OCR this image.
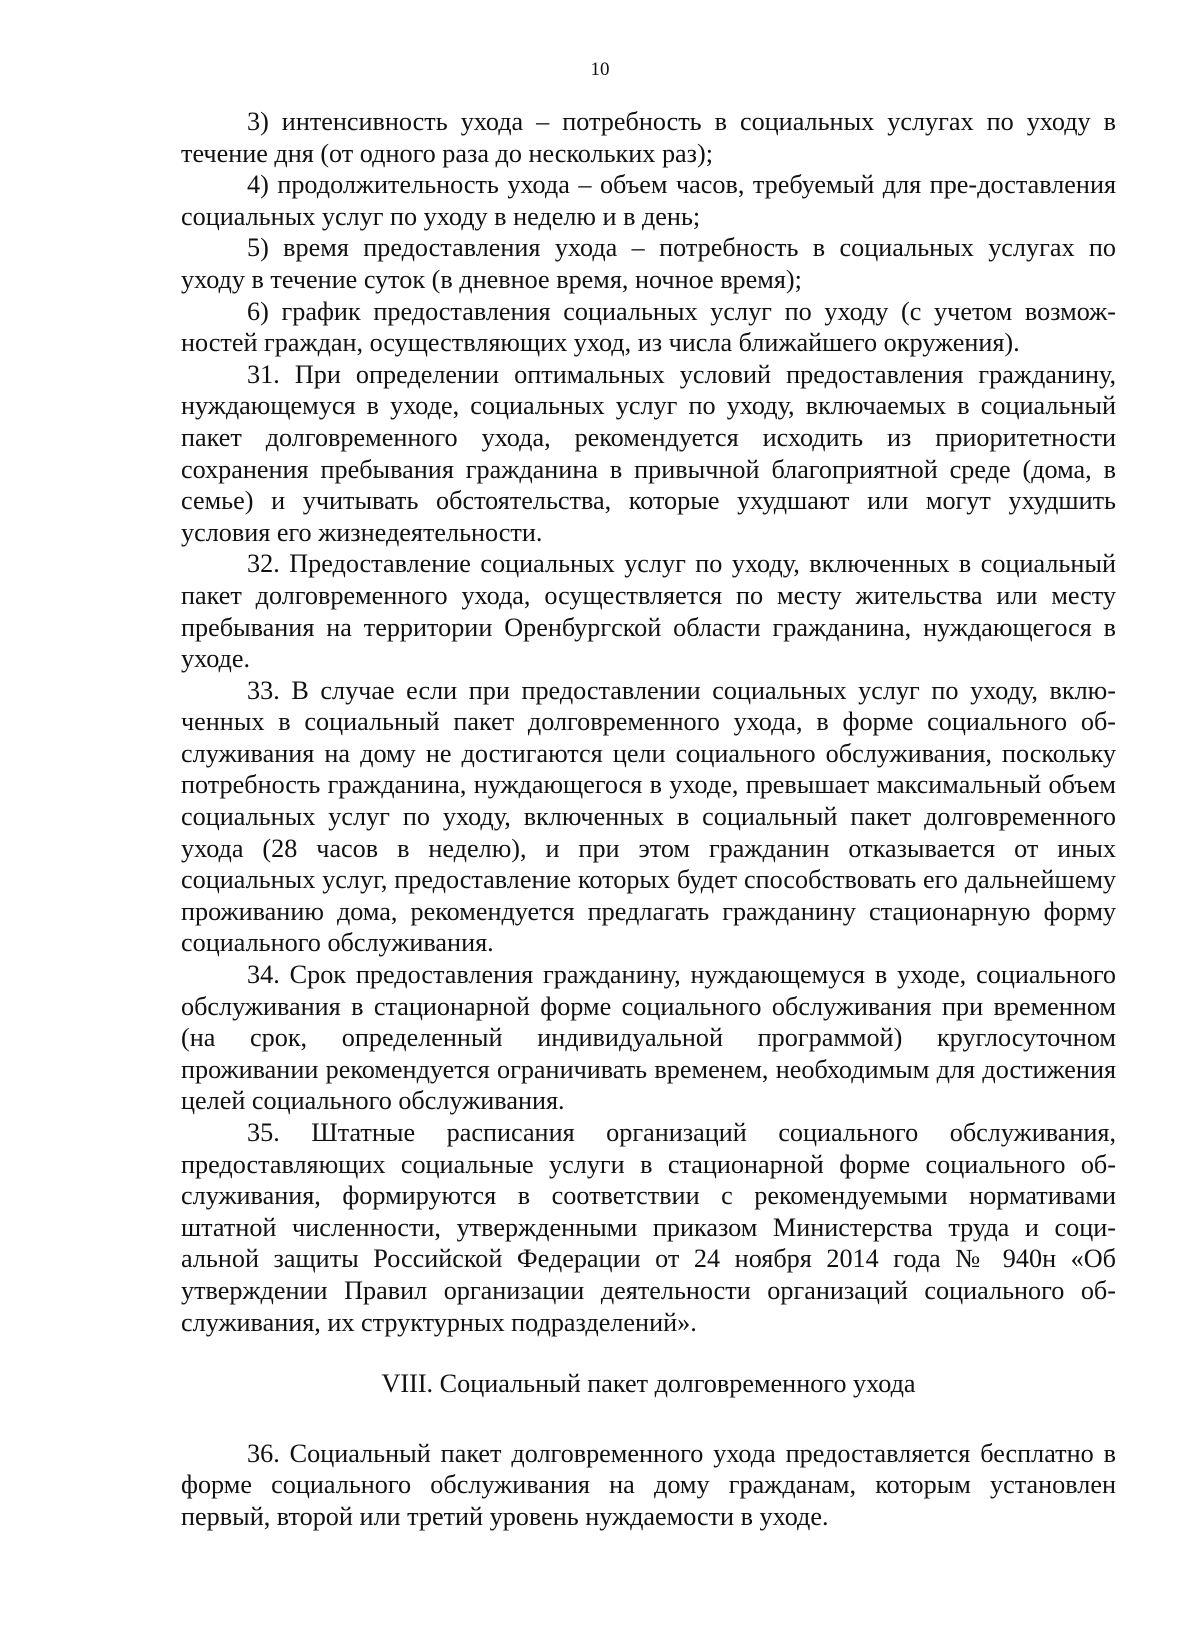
10

3) интенсивность ухода – потребность в социальных услугах по уходу в течение дня (от одного раза до нескольких раз);

4) продолжительность ухода – объем часов, требуемый для пре-доставления социальных услуг по уходу в неделю и в день;

5) время предоставления ухода – потребность в социальных услугах по уходу в течение суток (в дневное время, ночное время);

6) график предоставления социальных услуг по уходу (с учетом возможностей граждан, осуществляющих уход, из числа ближайшего окружения).

31. При определении оптимальных условий предоставления гражданину, нуждающемуся в уходе, социальных услуг по уходу, включаемых в социальный пакет долговременного ухода, рекомендуется исходить из приоритетности сохранения пребывания гражданина в привычной благоприятной среде (дома, в семье) и учитывать обстоятельства, которые ухудшают или могут ухудшить условия его жизнедеятельности.

32. Предоставление социальных услуг по уходу, включенных в социальный пакет долговременного ухода, осуществляется по месту жительства или месту пребывания на территории Оренбургской области гражданина, нуждающегося в уходе.

33. В случае если при предоставлении социальных услуг по уходу, включенных в социальный пакет долговременного ухода, в форме социального обслуживания на дому не достигаются цели социального обслуживания, поскольку потребность гражданина, нуждающегося в уходе, превышает максимальный объем социальных услуг по уходу, включенных в социальный пакет долговременного ухода (28 часов в неделю), и при этом гражданин отказывается от иных социальных услуг, предоставление которых будет способствовать его дальнейшему проживанию дома, рекомендуется предлагать гражданину стационарную форму социального обслуживания.

34. Срок предоставления гражданину, нуждающемуся в уходе, социального обслуживания в стационарной форме социального обслуживания при временном (на срок, определенный индивидуальной программой) круглосуточном проживании рекомендуется ограничивать временем, необходимым для достижения целей социального обслуживания.

35. Штатные расписания организаций социального обслуживания, предоставляющих социальные услуги в стационарной форме социального обслуживания, формируются в соответствии с рекомендуемыми нормативами штатной численности, утвержденными приказом Министерства труда и социальной защиты Российской Федерации от 24 ноября 2014 года № 940н «Об утверждении Правил организации деятельности организаций социального обслуживания, их структурных подразделений».

VIII. Социальный пакет долговременного ухода

36. Социальный пакет долговременного ухода предоставляется бесплатно в форме социального обслуживания на дому гражданам, которым установлен первый, второй или третий уровень нуждаемости в уходе.
